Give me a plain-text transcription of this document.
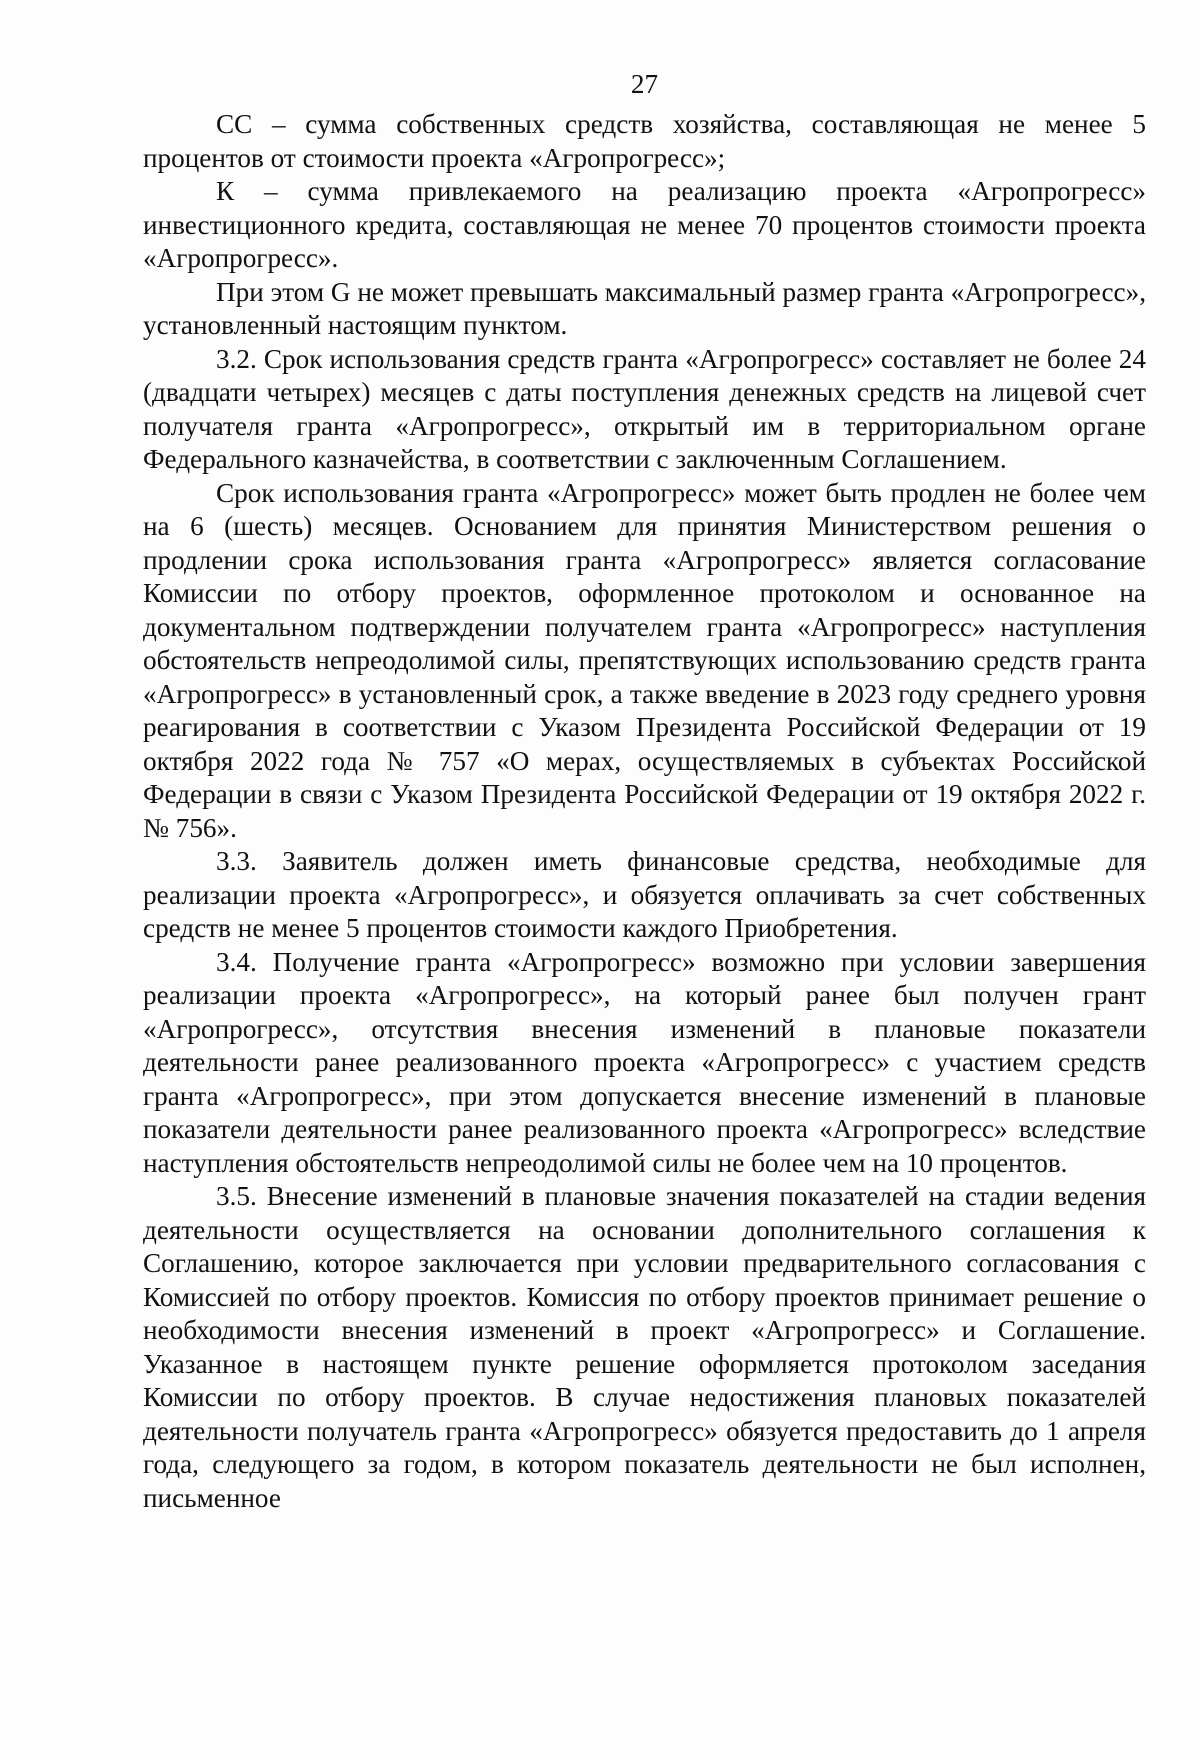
27

СС – сумма собственных средств хозяйства, составляющая не менее 5 процентов от стоимости проекта «Агропрогресс»;

К – сумма привлекаемого на реализацию проекта «Агропрогресс» инвестиционного кредита, составляющая не менее 70 процентов стоимости проекта «Агропрогресс».

При этом G не может превышать максимальный размер гранта «Агропрогресс», установленный настоящим пунктом.

3.2. Срок использования средств гранта «Агропрогресс» составляет не более 24 (двадцати четырех) месяцев с даты поступления денежных средств на лицевой счет получателя гранта «Агропрогресс», открытый им в территориальном органе Федерального казначейства, в соответствии с заключенным Соглашением.

Срок использования гранта «Агропрогресс» может быть продлен не более чем на 6 (шесть) месяцев. Основанием для принятия Министерством решения о продлении срока использования гранта «Агропрогресс» является согласование Комиссии по отбору проектов, оформленное протоколом и основанное на документальном подтверждении получателем гранта «Агропрогресс» наступления обстоятельств непреодолимой силы, препятствующих использованию средств гранта «Агропрогресс» в установленный срок, а также введение в 2023 году среднего уровня реагирования в соответствии с Указом Президента Российской Федерации от 19 октября 2022 года № 757 «О мерах, осуществляемых в субъектах Российской Федерации в связи с Указом Президента Российской Федерации от 19 октября 2022 г. № 756».

3.3. Заявитель должен иметь финансовые средства, необходимые для реализации проекта «Агропрогресс», и обязуется оплачивать за счет собственных средств не менее 5 процентов стоимости каждого Приобретения.

3.4. Получение гранта «Агропрогресс» возможно при условии завершения реализации проекта «Агропрогресс», на который ранее был получен грант «Агропрогресс», отсутствия внесения изменений в плановые показатели деятельности ранее реализованного проекта «Агропрогресс» с участием средств гранта «Агропрогресс», при этом допускается внесение изменений в плановые показатели деятельности ранее реализованного проекта «Агропрогресс» вследствие наступления обстоятельств непреодолимой силы не более чем на 10 процентов.

3.5. Внесение изменений в плановые значения показателей на стадии ведения деятельности осуществляется на основании дополнительного соглашения к Соглашению, которое заключается при условии предварительного согласования с Комиссией по отбору проектов. Комиссия по отбору проектов принимает решение о необходимости внесения изменений в проект «Агропрогресс» и Соглашение. Указанное в настоящем пункте решение оформляется протоколом заседания Комиссии по отбору проектов. В случае недостижения плановых показателей деятельности получатель гранта «Агропрогресс» обязуется предоставить до 1 апреля года, следующего за годом, в котором показатель деятельности не был исполнен, письменное
